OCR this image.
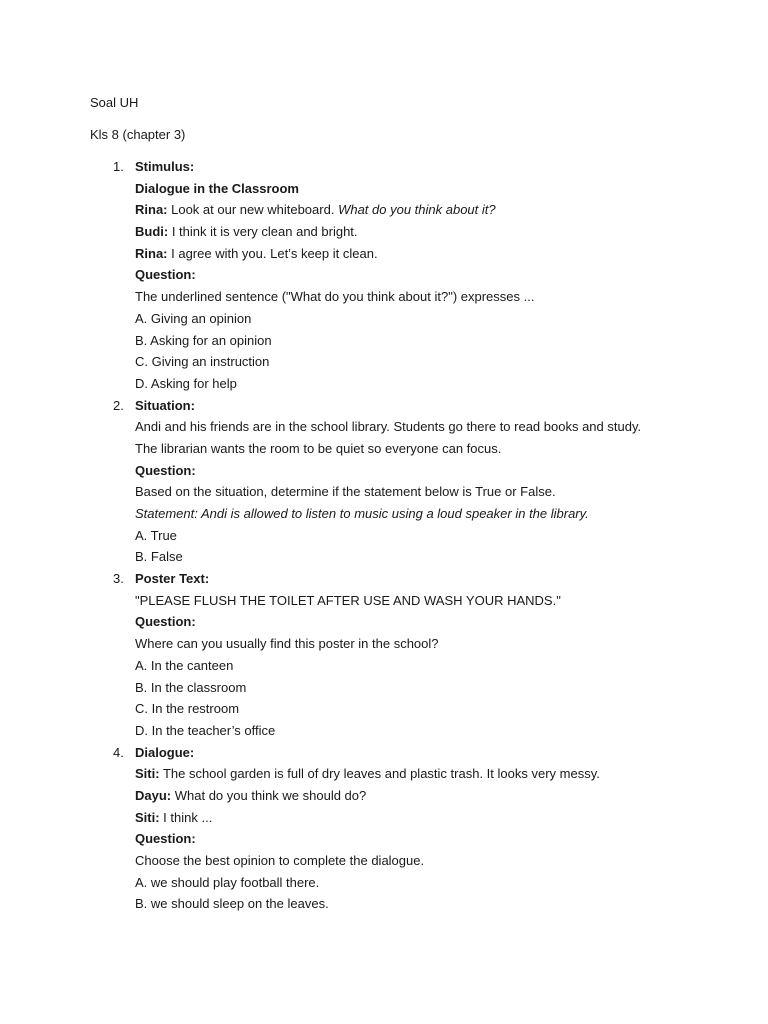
Soal UH
Kls 8 (chapter 3)
1. Stimulus:
Dialogue in the Classroom
Rina: Look at our new whiteboard. What do you think about it?
Budi: I think it is very clean and bright.
Rina: I agree with you. Let’s keep it clean.
Question:
The underlined sentence ("What do you think about it?") expresses ...
A. Giving an opinion
B. Asking for an opinion
C. Giving an instruction
D. Asking for help
2. Situation:
Andi and his friends are in the school library. Students go there to read books and study.
The librarian wants the room to be quiet so everyone can focus.
Question:
Based on the situation, determine if the statement below is True or False.
Statement: Andi is allowed to listen to music using a loud speaker in the library.
A. True
B. False
3. Poster Text:
"PLEASE FLUSH THE TOILET AFTER USE AND WASH YOUR HANDS."
Question:
Where can you usually find this poster in the school?
A. In the canteen
B. In the classroom
C. In the restroom
D. In the teacher’s office
4. Dialogue:
Siti: The school garden is full of dry leaves and plastic trash. It looks very messy.
Dayu: What do you think we should do?
Siti: I think ...
Question:
Choose the best opinion to complete the dialogue.
A. we should play football there.
B. we should sleep on the leaves.
